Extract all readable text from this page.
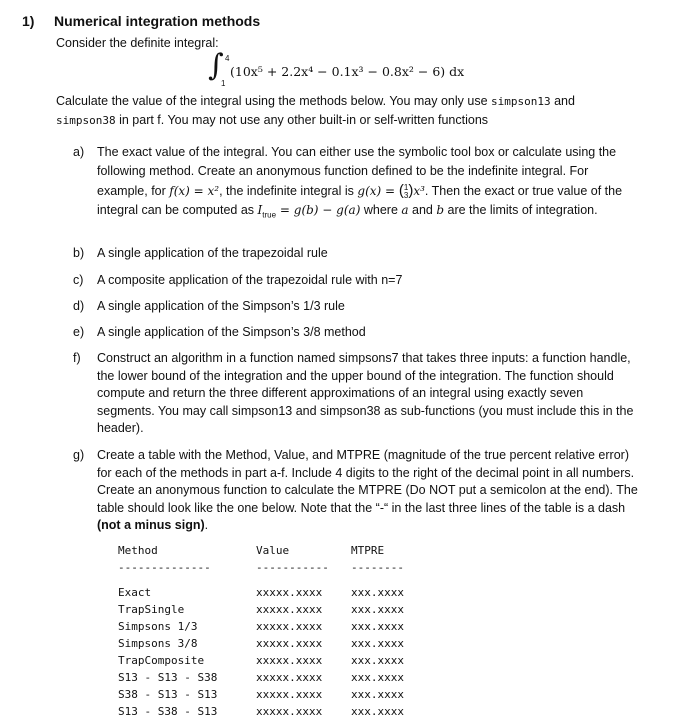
1) Numerical integration methods
Consider the definite integral:
∫ 4
1
(10x⁵ + 2.2x⁴ − 0.1x³ − 0.8x² − 6) dx
Calculate the value of the integral using the methods below. You may only use simpson13 and
simpson38 in part f. You may not use any other built-in or self-written functions
a)	The exact value of the integral. You can either use the symbolic tool box or calculate using the following method. Create an anonymous function defined to be the indefinite integral. For example, for f(x) = x², the indefinite integral is g(x) = (1
3)x³. Then the exact or true value of the integral can be computed as $I_{true} = g(b) - g(a)$ where a and b are the limits of integration.
b)	A single application of the trapezoidal rule
c)	A composite application of the trapezoidal rule with n=7
d)	A single application of the Simpson’s 1/3 rule
e)	A single application of the Simpson’s 3/8 method
f)	Construct an algorithm in a function named simpsons7 that takes three inputs: a function handle, the lower bound of the integration and the upper bound of the integration. The function should compute and return the three different approximations of an integral using exactly seven segments. You may call simpson13 and simpson38 as sub-functions (you must include this in the header).
g)	Create a table with the Method, Value, and MTPRE (magnitude of the true percent relative error) for each of the methods in part a-f. Include 4 digits to the right of the decimal point in all numbers. Create an anonymous function to calculate the MTPRE (Do NOT put a semicolon at the end). The table should look like the one below. Note that the “-“ in the last three lines of the table is a dash (not a minus sign).
Method	Value	MTPRE
--------------	----------- --------
Exact	xxxxx.xxxx	xxx.xxxx
TrapSingle	xxxxx.xxxx	xxx.xxxx
Simpsons 1/3	xxxxx.xxxx	xxx.xxxx
Simpsons 3/8	xxxxx.xxxx	xxx.xxxx
TrapComposite	xxxxx.xxxx	xxx.xxxx
S13 - S13 - S38	xxxxx.xxxx	xxx.xxxx
S38 - S13 - S13	xxxxx.xxxx	xxx.xxxx
S13 - S38 - S13	xxxxx.xxxx	xxx.xxxx
